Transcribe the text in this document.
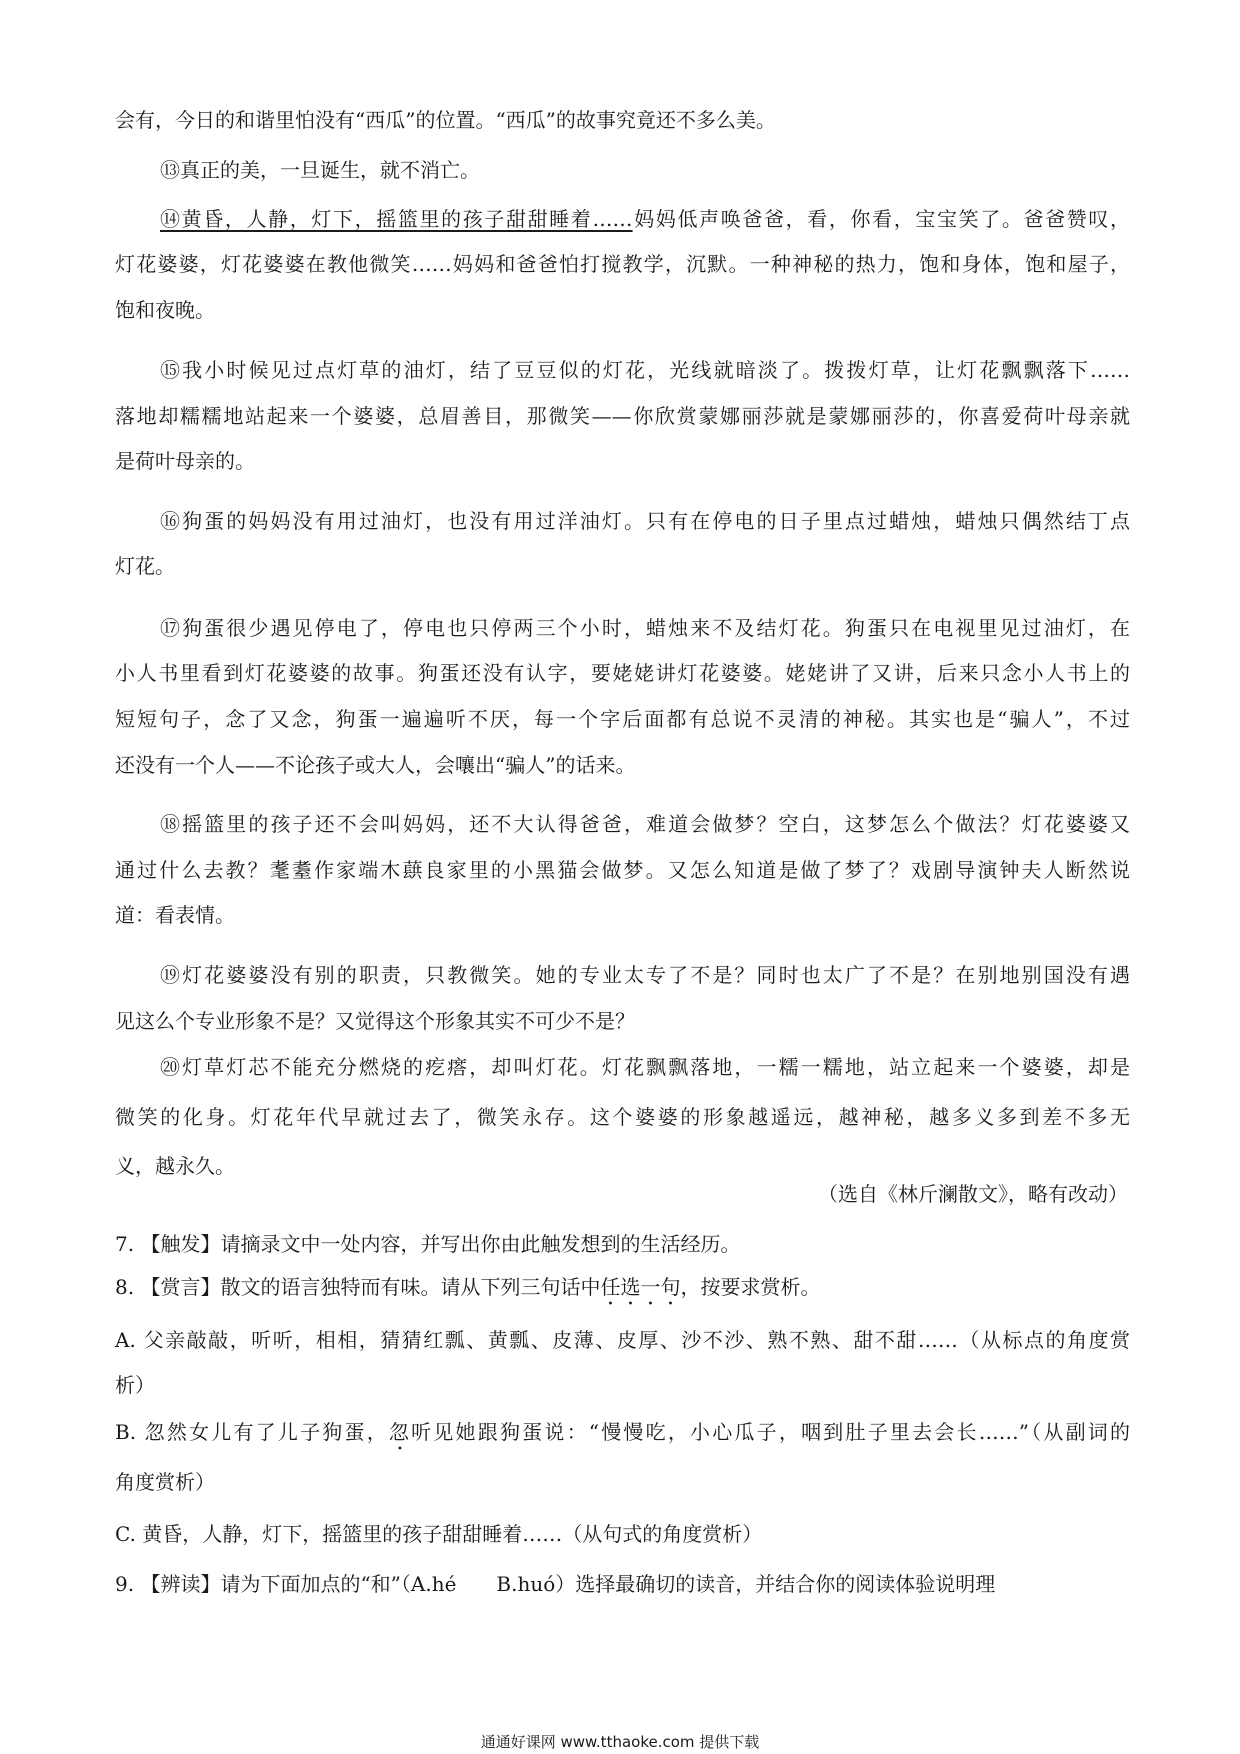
会有，今日的和谐里怕没有“西瓜”的位置。“西瓜”的故事究竟还不多么美。
⑬真正的美，一旦诞生，就不消亡。
⑭黄昏，人静，灯下，摇篮里的孩子甜甜睡着……妈妈低声唤爸爸，看，你看，宝宝笑了。爸爸赞叹，
灯花婆婆，灯花婆婆在教他微笑……妈妈和爸爸怕打搅教学，沉默。一种神秘的热力，饱和身体，饱和屋子，
饱和夜晚。
⑮我小时候见过点灯草的油灯，结了豆豆似的灯花，光线就暗淡了。拨拨灯草，让灯花飘飘落下……
落地却糯糯地站起来一个婆婆，总眉善目，那微笑——你欣赏蒙娜丽莎就是蒙娜丽莎的，你喜爱荷叶母亲就
是荷叶母亲的。
⑯狗蛋的妈妈没有用过油灯，也没有用过洋油灯。只有在停电的日子里点过蜡烛，蜡烛只偶然结丁点
灯花。
⑰狗蛋很少遇见停电了，停电也只停两三个小时，蜡烛来不及结灯花。狗蛋只在电视里见过油灯，在
小人书里看到灯花婆婆的故事。狗蛋还没有认字，要姥姥讲灯花婆婆。姥姥讲了又讲，后来只念小人书上的
短短句子，念了又念，狗蛋一遍遍听不厌，每一个字后面都有总说不灵清的神秘。其实也是“骗人”，不过
还没有一个人——不论孩子或大人，会嚷出“骗人”的话来。
⑱摇篮里的孩子还不会叫妈妈，还不大认得爸爸，难道会做梦？空白，这梦怎么个做法？灯花婆婆又
通过什么去教？耄耋作家端木蕻良家里的小黑猫会做梦。又怎么知道是做了梦了？戏剧导演钟夫人断然说
道：看表情。
⑲灯花婆婆没有别的职责，只教微笑。她的专业太专了不是？同时也太广了不是？在别地别国没有遇
见这么个专业形象不是？又觉得这个形象其实不可少不是？
⑳灯草灯芯不能充分燃烧的疙瘩，却叫灯花。灯花飘飘落地，一糯一糯地，站立起来一个婆婆，却是
微笑的化身。灯花年代早就过去了，微笑永存。这个婆婆的形象越遥远，越神秘，越多义多到差不多无
义，越永久。
（选自《林斤澜散文》，略有改动）
7. 【触发】请摘录文中一处内容，并写出你由此触发想到的生活经历。
8. 【赏言】散文的语言独特而有味。请从下列三句话中任选一句，按要求赏析。
A. 父亲敲敲，听听，相相，猜猜红瓢、黄瓢、皮薄、皮厚、沙不沙、熟不熟、甜不甜……（从标点的角度赏
析）
B. 忽然女儿有了儿子狗蛋，忽听见她跟狗蛋说：“慢慢吃，小心瓜子，咽到肚子里去会长……”（从副词的
角度赏析）
C. 黄昏，人静，灯下，摇篮里的孩子甜甜睡着……（从句式的角度赏析）
9. 【辨读】请为下面加点的“和”（A.hé　　B.huó）选择最确切的读音，并结合你的阅读体验说明理
通通好课网 www.tthaoke.com 提供下载
